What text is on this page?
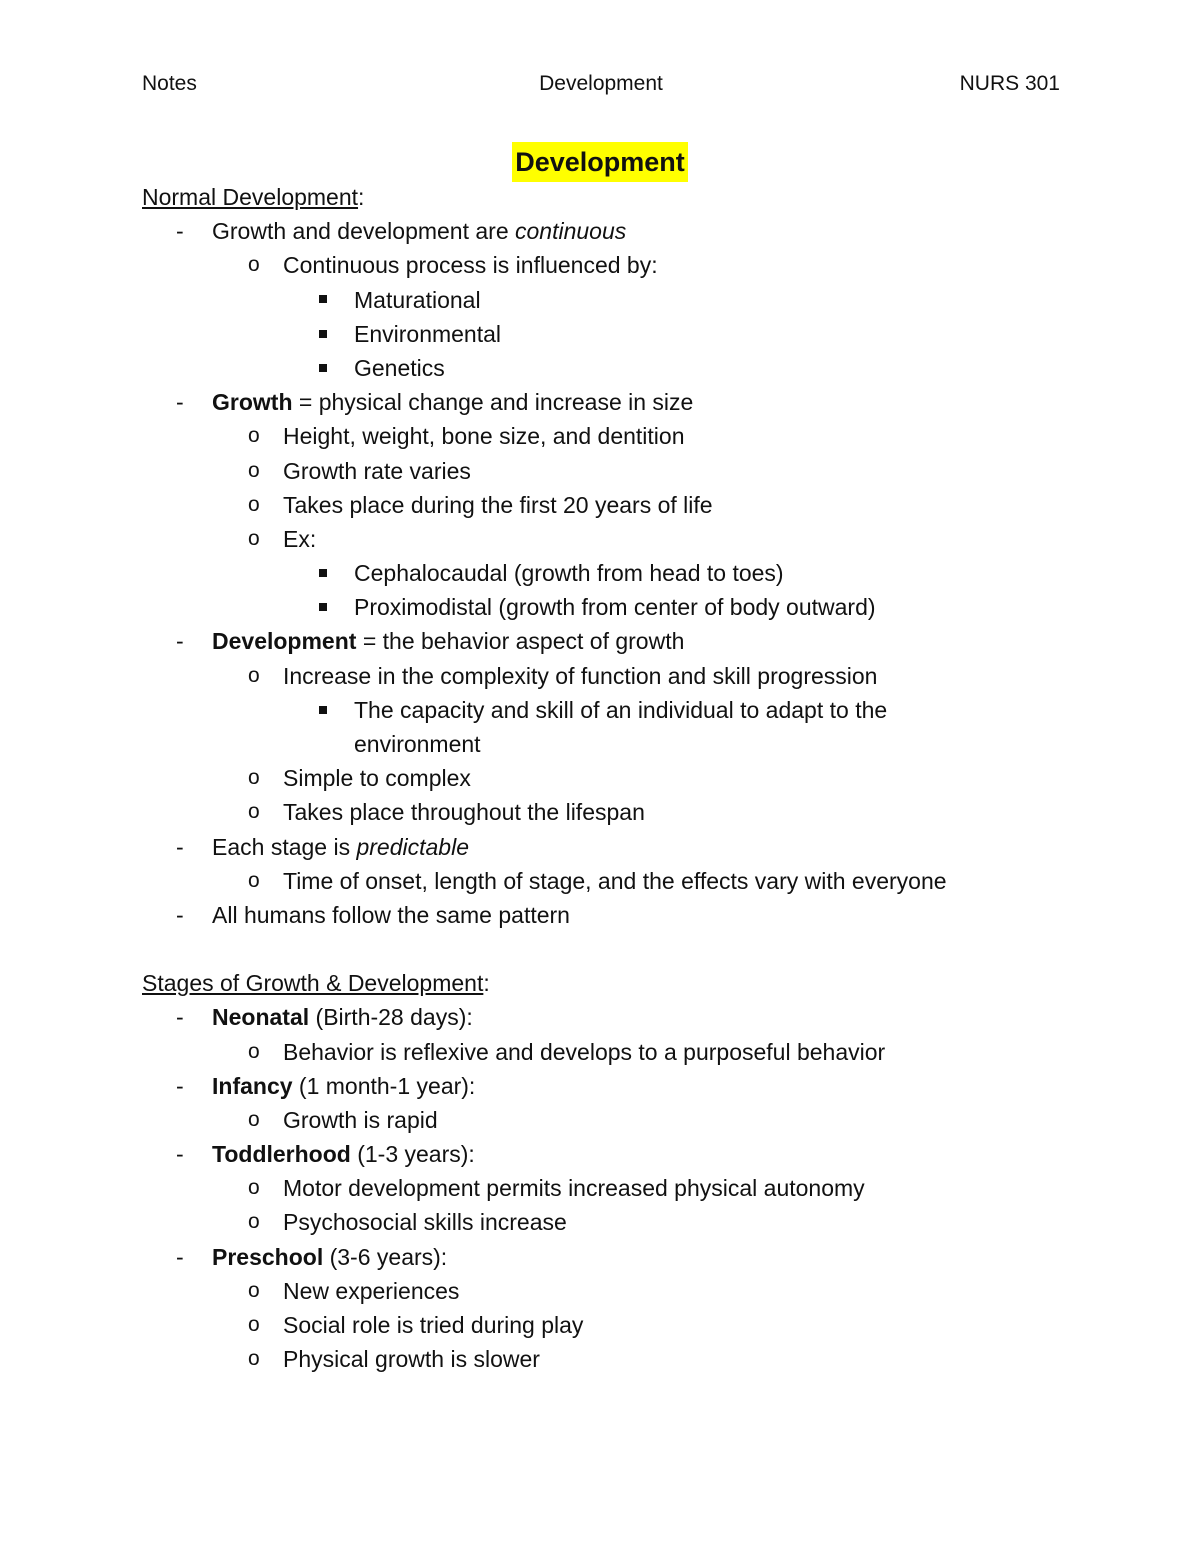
Notes	Development	NURS 301
Development
Normal Development:
- Growth and development are continuous
o Continuous process is influenced by:
Maturational
Environmental
Genetics
- Growth = physical change and increase in size
o Height, weight, bone size, and dentition
o Growth rate varies
o Takes place during the first 20 years of life
o Ex:
Cephalocaudal (growth from head to toes)
Proximodistal (growth from center of body outward)
- Development = the behavior aspect of growth
o Increase in the complexity of function and skill progression
The capacity and skill of an individual to adapt to the
environment
o Simple to complex
o Takes place throughout the lifespan
- Each stage is predictable
o Time of onset, length of stage, and the effects vary with everyone
- All humans follow the same pattern
Stages of Growth & Development:
- Neonatal (Birth-28 days):
o Behavior is reflexive and develops to a purposeful behavior
- Infancy (1 month-1 year):
o Growth is rapid
- Toddlerhood (1-3 years):
o Motor development permits increased physical autonomy
o Psychosocial skills increase
- Preschool (3-6 years):
o New experiences
o Social role is tried during play
o Physical growth is slower
